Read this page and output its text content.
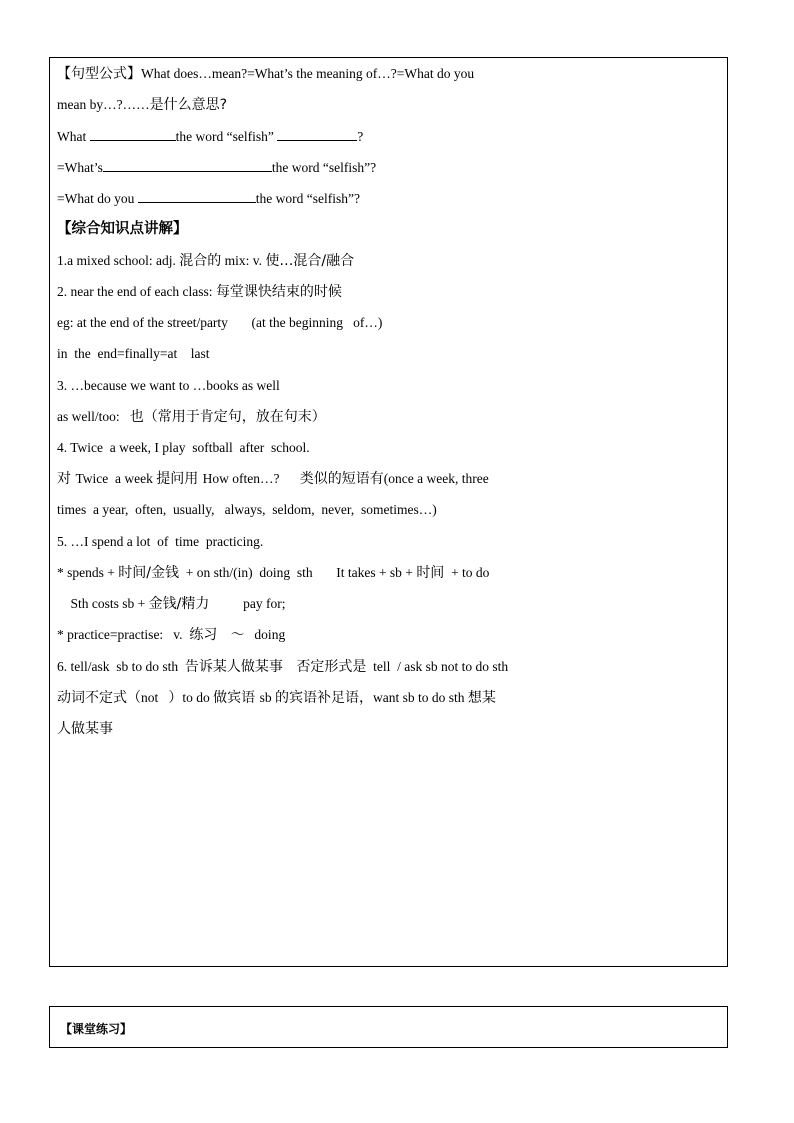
【句型公式】What does…mean?=What’s the meaning of…?=What do you
mean by…?……是什么意思?
What	the word “selfish”	?
=What’s	the word “selfish”?
=What do you	the word “selfish”?
【综合知识点讲解】
1.a mixed school: adj. 混合的 mix: v. 使…混合/融合
2. near the end of each class: 每堂课快结束的时候
eg: at the end of the street/party       (at the beginning   of…)
in  the  end=finally=at    last
3. …because we want to …books as well
as well/too:   也（常用于肯定句，放在句末）
4. Twice  a week, I play  softball  after  school.
对 Twice  a week 提问用 How often…?      类似的短语有(once a week, three
times  a year,  often,  usually,   always,  seldom,  never,  sometimes…)
5. …I spend a lot  of  time  practicing.
* spends + 时间/金钱  + on sth/(in)  doing  sth       It takes + sb + 时间  + to do
Sth costs sb + 金钱/精力          pay for;
* practice=practise:   v.  练习    ～   doing
6. tell/ask  sb to do sth  告诉某人做某事 否定形式是  tell  / ask sb not to do sth
动词不定式（not   ）to do 做宾语 sb 的宾语补足语，want sb to do sth 想某
人做某事
【课堂练习】
